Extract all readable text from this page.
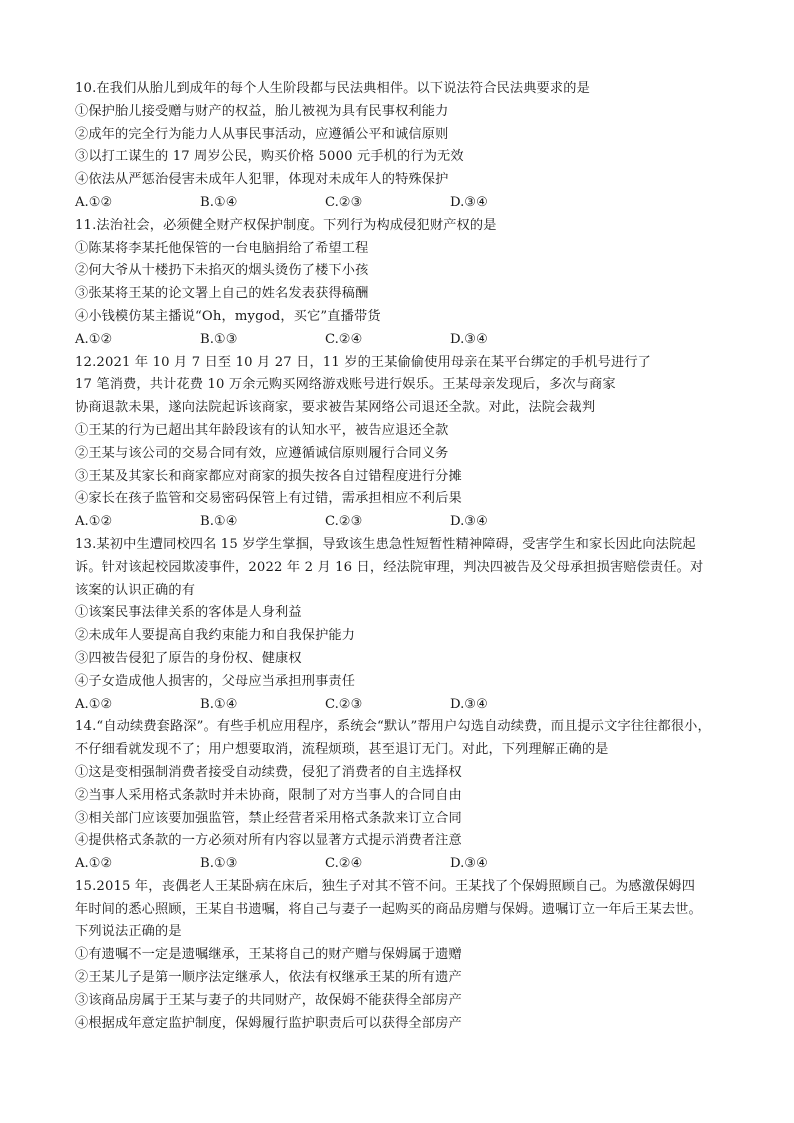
10.在我们从胎儿到成年的每个人生阶段都与民法典相伴。以下说法符合民法典要求的是
①保护胎儿接受赠与财产的权益，胎儿被视为具有民事权利能力
②成年的完全行为能力人从事民事活动，应遵循公平和诚信原则
③以打工谋生的 17 周岁公民，购买价格 5000 元手机的行为无效
④依法从严惩治侵害未成年人犯罪，体现对未成年人的特殊保护
A.①②	B.①④	C.②③	D.③④
11.法治社会，必须健全财产权保护制度。下列行为构成侵犯财产权的是
①陈某将李某托他保管的一台电脑捐给了希望工程
②何大爷从十楼扔下未掐灭的烟头烫伤了楼下小孩
③张某将王某的论文署上自己的姓名发表获得稿酬
④小钱模仿某主播说“Oh，mygod，买它”直播带货
A.①②	B.①③	C.②④	D.③④
12.2021 年 10 月 7 日至 10 月 27 日，11 岁的王某偷偷使用母亲在某平台绑定的手机号进行了
17 笔消费，共计花费 10 万余元购买网络游戏账号进行娱乐。王某母亲发现后，多次与商家
协商退款未果，遂向法院起诉该商家，要求被告某网络公司退还全款。对此，法院会裁判
①王某的行为已超出其年龄段该有的认知水平，被告应退还全款
②王某与该公司的交易合同有效，应遵循诚信原则履行合同义务
③王某及其家长和商家都应对商家的损失按各自过错程度进行分摊
④家长在孩子监管和交易密码保管上有过错，需承担相应不利后果
A.①②	B.①④	C.②③	D.③④
13.某初中生遭同校四名 15 岁学生掌掴，导致该生患急性短暂性精神障碍，受害学生和家长因此向法院起
诉。针对该起校园欺凌事件，2022 年 2 月 16 日，经法院审理，判决四被告及父母承担损害赔偿责任。对
该案的认识正确的有
①该案民事法律关系的客体是人身利益
②未成年人要提高自我约束能力和自我保护能力
③四被告侵犯了原告的身份权、健康权
④子女造成他人损害的，父母应当承担刑事责任
A.①②	B.①④	C.②③	D.③④
14.“自动续费套路深”。有些手机应用程序，系统会“默认”帮用户勾选自动续费，而且提示文字往往都很小，
不仔细看就发现不了；用户想要取消，流程烦琐，甚至退订无门。对此，下列理解正确的是
①这是变相强制消费者接受自动续费，侵犯了消费者的自主选择权
②当事人采用格式条款时并未协商，限制了对方当事人的合同自由
③相关部门应该要加强监管，禁止经营者采用格式条款来订立合同
④提供格式条款的一方必须对所有内容以显著方式提示消费者注意
A.①②	B.①③	C.②④	D.③④
15.2015 年，丧偶老人王某卧病在床后，独生子对其不管不问。王某找了个保姆照顾自己。为感激保姆四
年时间的悉心照顾，王某自书遗嘱，将自己与妻子一起购买的商品房赠与保姆。遗嘱订立一年后王某去世。
下列说法正确的是
①有遗嘱不一定是遗嘱继承，王某将自己的财产赠与保姆属于遗赠
②王某儿子是第一顺序法定继承人，依法有权继承王某的所有遗产
③该商品房属于王某与妻子的共同财产，故保姆不能获得全部房产
④根据成年意定监护制度，保姆履行监护职责后可以获得全部房产
